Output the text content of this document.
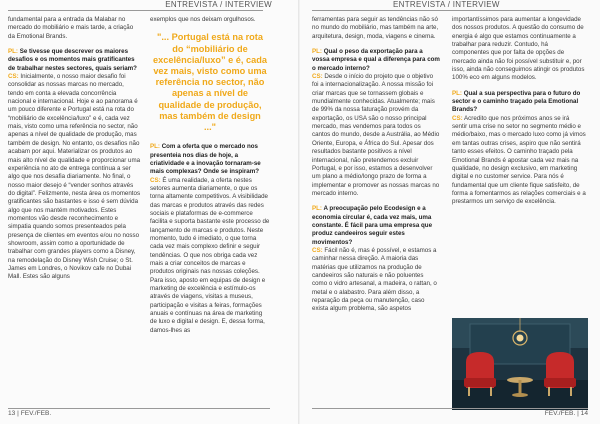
ENTREVISTA / INTERVIEW

fundamental para a entrada da Malabar no mercado do mobiliário e mais tarde, a criação da Emotional Brands.

PL: Se tivesse que descrever os maiores desafios e os momentos mais gratificantes de trabalhar nestes sectores, quais seriam?

CS: Inicialmente, o nosso maior desafio foi consolidar as nossas marcas no mercado, tendo em conta a elevada concorrência nacional e internacional. Hoje e ao panorama é um pouco diferente e Portugal está na rota do “mobiliário de excelência/luxo” e é, cada vez mais, visto como uma referência no sector, não apenas a nível de qualidade de produção, mas também de design. No entanto, os desafios não acabam por aqui. Materializar os produtos ao mais alto nível de qualidade e proporcionar uma experiência no ato de entrega contínua a ser algo que nos desafia diariamente. No final, o nosso maior desejo é “vender sonhos através do digital”. Felizmente, nesta área os momentos gratificantes são bastantes e isso é sem dúvida algo que nos mantém motivados. Estes momentos vão desde reconhecimento e simpatia quando somos presenteados pela presença de clientes em eventos e/ou no nosso showroom, assim como a oportunidade de trabalhar com grandes players como a Disney, na remodelação do Disney Wish Cruise; o St. James em Londres, o Novikov cafe no Dubai Mall. Estes são alguns

exemplos que nos deixam orgulhosos.

"... Portugal está na rota do “mobiliário de excelência/luxo” e é, cada vez mais, visto como uma referência no sector, não apenas a nível de qualidade de produção, mas também de design ..."

PL: Com a oferta que o mercado nos presenteia nos dias de hoje, a criatividade e a inovação tornaram-se mais complexas? Onde se inspiram?

CS: É uma realidade, a oferta nestes setores aumenta diariamente, o que os torna altamente competitivos. A visibilidade das marcas e produtos através das redes sociais e plataformas de e-commerce facilita e suporta bastante este processo de lançamento de marcas e produtos. Neste momento, tudo é imediato, o que torna cada vez mais complexo definir e seguir tendências. O que nos obriga cada vez mais a criar conceitos de marcas e produtos originais nas nossas coleções. Para isso, aposto em equipas de design e marketing de excelência e estímulo-os através de viagens, visitas a museus, participação e visitas a feiras, formações anuais e contínuas na área de marketing de luxo e digital e design. E, dessa forma, damos-lhes as

13 | FEV./FEB.
ENTREVISTA / INTERVIEW

ferramentas para seguir as tendências não só no mundo do mobiliário, mas também na arte, arquitetura, design, moda, viagens e cinema.

PL: Qual o peso da exportação para a vossa empresa e qual a diferença para com o mercado interno?

CS: Desde o início do projeto que o objetivo foi a internacionalização. A nossa missão foi criar marcas que se tornassem globais e mundialmente conhecidas. Atualmente; mais de 99% da nossa faturação provém da exportação, os USA são o nosso principal mercado, mas vendemos para todos os cantos do mundo, desde a Austrália, ao Médio Oriente, Europa, e África do Sul. Apesar dos resultados bastante positivos a nível internacional, não pretendemos excluir Portugal, e por isso, estamos a desenvolver um plano a médio/longo prazo de forma a implementar e promover as nossas marcas no mercado interno.

PL: A preocupação pelo Ecodesign e a economia circular é, cada vez mais, uma constante. É fácil para uma empresa que produz candeeiros seguir estes movimentos?

CS: Fácil não é, mas é possível, e estamos a caminhar nessa direção. A maioria das matérias que utilizamos na produção de candeeiros são naturais e não poluentes como o vidro artesanal, a madeira, o rattan, o metal e o alabastro. Para além disso, a reparação da peça ou manutenção, caso exista algum problema, são aspetos

importantíssimos para aumentar a longevidade dos nossos produtos. A questão do consumo de energia é algo que estamos continuamente a trabalhar para reduzir. Contudo, há componentes que por falta de opções de mercado ainda não foi possível substituir e, por isso, ainda não conseguimos atingir os produtos 100% eco em alguns modelos.

PL: Qual a sua perspectiva para o futuro do sector e o caminho traçado pela Emotional Brands?

CS: Acredito que nos próximos anos se irá sentir uma crise no setor no segmento médio e médio/baixo, mas o mercado luxo como já vimos em tantas outras crises, aspiro que não sentirá tanto esses efeitos. O caminho traçado pela Emotional Brands é apostar cada vez mais na qualidade, no design exclusivo, em marketing digital e no customer service. Para nós é fundamental que um cliente fique satisfeito, de forma a fomentarmos as relações comerciais e a prestarmos um serviço de excelência.

FEV./FEB. | 14
